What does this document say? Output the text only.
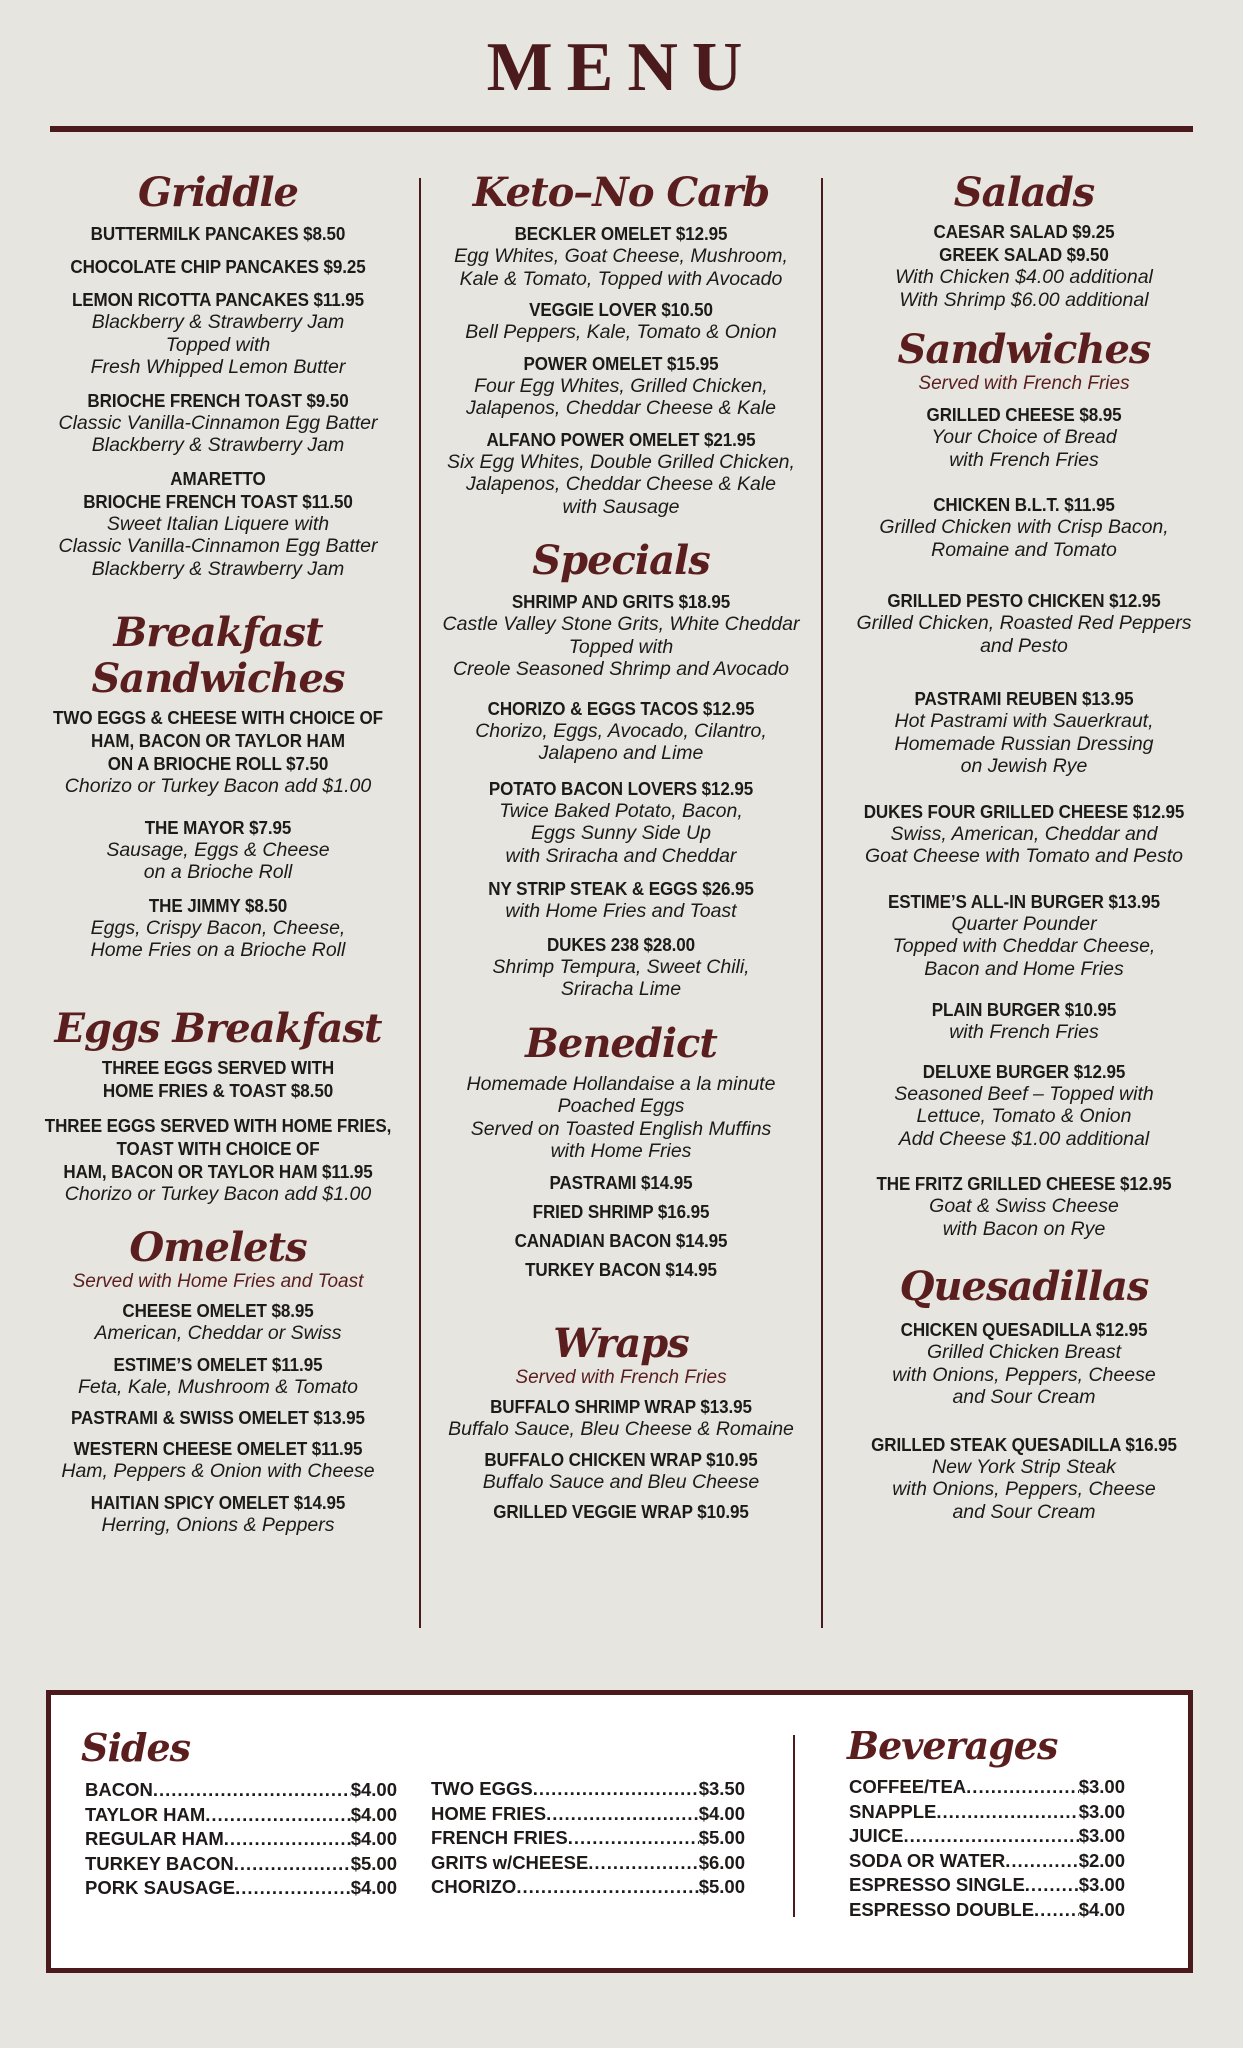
MENU
Griddle
BUTTERMILK PANCAKES $8.50
CHOCOLATE CHIP PANCAKES $9.25
LEMON RICOTTA PANCAKES $11.95
Blackberry & Strawberry Jam
Topped with
Fresh Whipped Lemon Butter
BRIOCHE FRENCH TOAST $9.50
Classic Vanilla-Cinnamon Egg Batter
Blackberry & Strawberry Jam
AMARETTO
BRIOCHE FRENCH TOAST $11.50
Sweet Italian Liquere with
Classic Vanilla-Cinnamon Egg Batter
Blackberry & Strawberry Jam
Breakfast Sandwiches
TWO EGGS & CHEESE WITH CHOICE OF
HAM, BACON OR TAYLOR HAM
ON A BRIOCHE ROLL $7.50
Chorizo or Turkey Bacon add $1.00
THE MAYOR $7.95
Sausage, Eggs & Cheese
on a Brioche Roll
THE JIMMY $8.50
Eggs, Crispy Bacon, Cheese,
Home Fries on a Brioche Roll
Eggs Breakfast
THREE EGGS SERVED WITH
HOME FRIES & TOAST $8.50
THREE EGGS SERVED WITH HOME FRIES,
TOAST WITH CHOICE OF
HAM, BACON OR TAYLOR HAM $11.95
Chorizo or Turkey Bacon add $1.00
Omelets
Served with Home Fries and Toast
CHEESE OMELET $8.95
American, Cheddar or Swiss
ESTIME’S OMELET $11.95
Feta, Kale, Mushroom & Tomato
PASTRAMI & SWISS OMELET $13.95
WESTERN CHEESE OMELET $11.95
Ham, Peppers & Onion with Cheese
HAITIAN SPICY OMELET $14.95
Herring, Onions & Peppers
Keto–No Carb
BECKLER OMELET $12.95
Egg Whites, Goat Cheese, Mushroom,
Kale & Tomato, Topped with Avocado
VEGGIE LOVER $10.50
Bell Peppers, Kale, Tomato & Onion
POWER OMELET $15.95
Four Egg Whites, Grilled Chicken,
Jalapenos, Cheddar Cheese & Kale
ALFANO POWER OMELET $21.95
Six Egg Whites, Double Grilled Chicken,
Jalapenos, Cheddar Cheese & Kale
with Sausage
Specials
SHRIMP AND GRITS $18.95
Castle Valley Stone Grits, White Cheddar
Topped with
Creole Seasoned Shrimp and Avocado
CHORIZO & EGGS TACOS $12.95
Chorizo, Eggs, Avocado, Cilantro,
Jalapeno and Lime
POTATO BACON LOVERS $12.95
Twice Baked Potato, Bacon,
Eggs Sunny Side Up
with Sriracha and Cheddar
NY STRIP STEAK & EGGS $26.95
with Home Fries and Toast
DUKES 238 $28.00
Shrimp Tempura, Sweet Chili,
Sriracha Lime
Benedict
Homemade Hollandaise a la minute
Poached Eggs
Served on Toasted English Muffins
with Home Fries
PASTRAMI $14.95
FRIED SHRIMP $16.95
CANADIAN BACON $14.95
TURKEY BACON $14.95
Wraps
Served with French Fries
BUFFALO SHRIMP WRAP $13.95
Buffalo Sauce, Bleu Cheese & Romaine
BUFFALO CHICKEN WRAP $10.95
Buffalo Sauce and Bleu Cheese
GRILLED VEGGIE WRAP $10.95
Salads
CAESAR SALAD $9.25
GREEK SALAD $9.50
With Chicken $4.00 additional
With Shrimp $6.00 additional
Sandwiches
Served with French Fries
GRILLED CHEESE $8.95
Your Choice of Bread
with French Fries
CHICKEN B.L.T. $11.95
Grilled Chicken with Crisp Bacon,
Romaine and Tomato
GRILLED PESTO CHICKEN $12.95
Grilled Chicken, Roasted Red Peppers
and Pesto
PASTRAMI REUBEN $13.95
Hot Pastrami with Sauerkraut,
Homemade Russian Dressing
on Jewish Rye
DUKES FOUR GRILLED CHEESE $12.95
Swiss, American, Cheddar and
Goat Cheese with Tomato and Pesto
ESTIME’S ALL-IN BURGER $13.95
Quarter Pounder
Topped with Cheddar Cheese,
Bacon and Home Fries
PLAIN BURGER $10.95
with French Fries
DELUXE BURGER $12.95
Seasoned Beef – Topped with
Lettuce, Tomato & Onion
Add Cheese $1.00 additional
THE FRITZ GRILLED CHEESE $12.95
Goat & Swiss Cheese
with Bacon on Rye
Quesadillas
CHICKEN QUESADILLA $12.95
Grilled Chicken Breast
with Onions, Peppers, Cheese
and Sour Cream
GRILLED STEAK QUESADILLA $16.95
New York Strip Steak
with Onions, Peppers, Cheese
and Sour Cream
Sides
BACON .....	$4.00
TAYLOR HAM .....	$4.00
REGULAR HAM .....	$4.00
TURKEY BACON .....	$5.00
PORK SAUSAGE .....	$4.00
TWO EGGS .....	$3.50
HOME FRIES .....	$4.00
FRENCH FRIES .....	$5.00
GRITS w/CHEESE .....	$6.00
CHORIZO .....	$5.00
Beverages
COFFEE/TEA .....	$3.00
SNAPPLE .....	$3.00
JUICE .....	$3.00
SODA OR WATER .....	$2.00
ESPRESSO SINGLE .....	$3.00
ESPRESSO DOUBLE ..... $4.00
